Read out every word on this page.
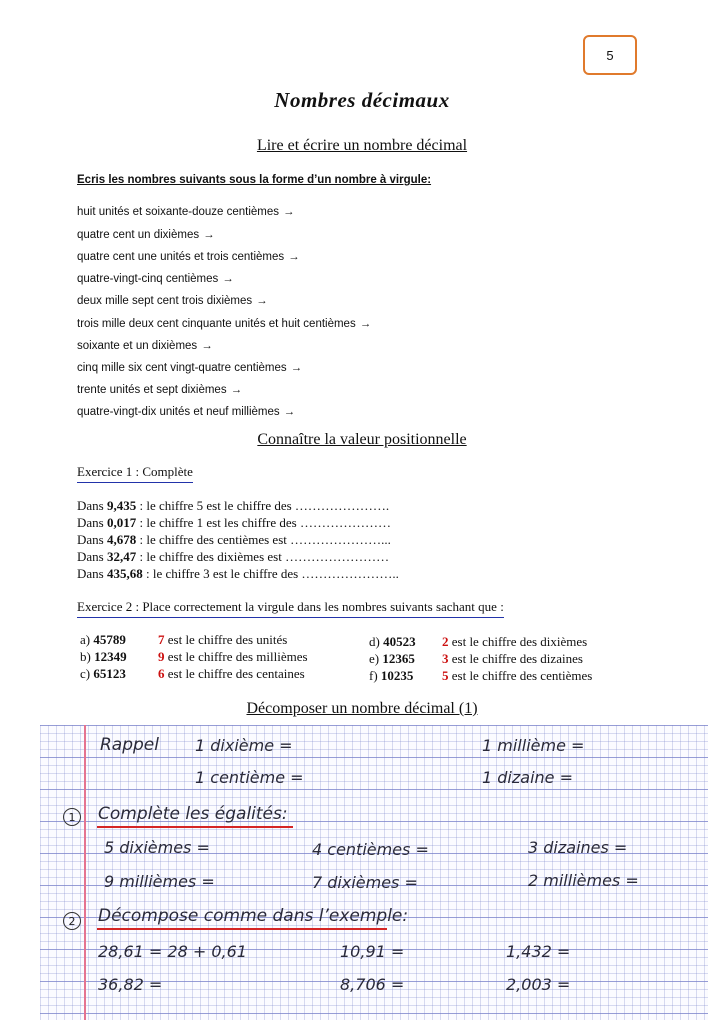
5
Nombres décimaux
Lire et écrire un nombre décimal
Ecris les nombres suivants sous la forme d’un nombre à virgule:
huit unités et soixante-douze centièmes →
quatre cent un dixièmes →
quatre cent une unités et trois centièmes →
quatre-vingt-cinq centièmes →
deux mille sept cent trois dixièmes →
trois mille deux cent cinquante unités et huit centièmes →
soixante et un dixièmes →
cinq mille six cent vingt-quatre centièmes →
trente unités et sept dixièmes →
quatre-vingt-dix unités et neuf millièmes →
Connaître la valeur positionnelle
Exercice 1 : Complète
Dans 9,435 : le chiffre 5 est le chiffre des ………………….
Dans 0,017 : le chiffre 1 est les chiffre des …………………
Dans 4,678 : le chiffre des centièmes est …………………...
Dans 32,47 : le chiffre des dixièmes est ……………………
Dans 435,68 : le chiffre 3 est le chiffre des …………………..
Exercice 2 : Place correctement la virgule dans les nombres suivants sachant que :
a) 45789 7 est le chiffre des unités
b) 12349 9 est le chiffre des millièmes
c) 65123 6 est le chiffre des centaines
d) 40523 2 est le chiffre des dixièmes
e) 12365 3 est le chiffre des dizaines
f) 10235 5 est le chiffre des centièmes
Décomposer un nombre décimal (1)
Rappel 1 dixième =	1 millième =
1 centième =	1 dizaine =
1	Complète les égalités:
5 dixièmes =	4 centièmes =	3 dizaines =
9 millièmes =	7 dixièmes =	2 millièmes =
2	Décompose comme dans l’exemple:
28,61 = 28 + 0,61	10,91 =	1,432 =
36,82 =	8,706 =	2,003 =
